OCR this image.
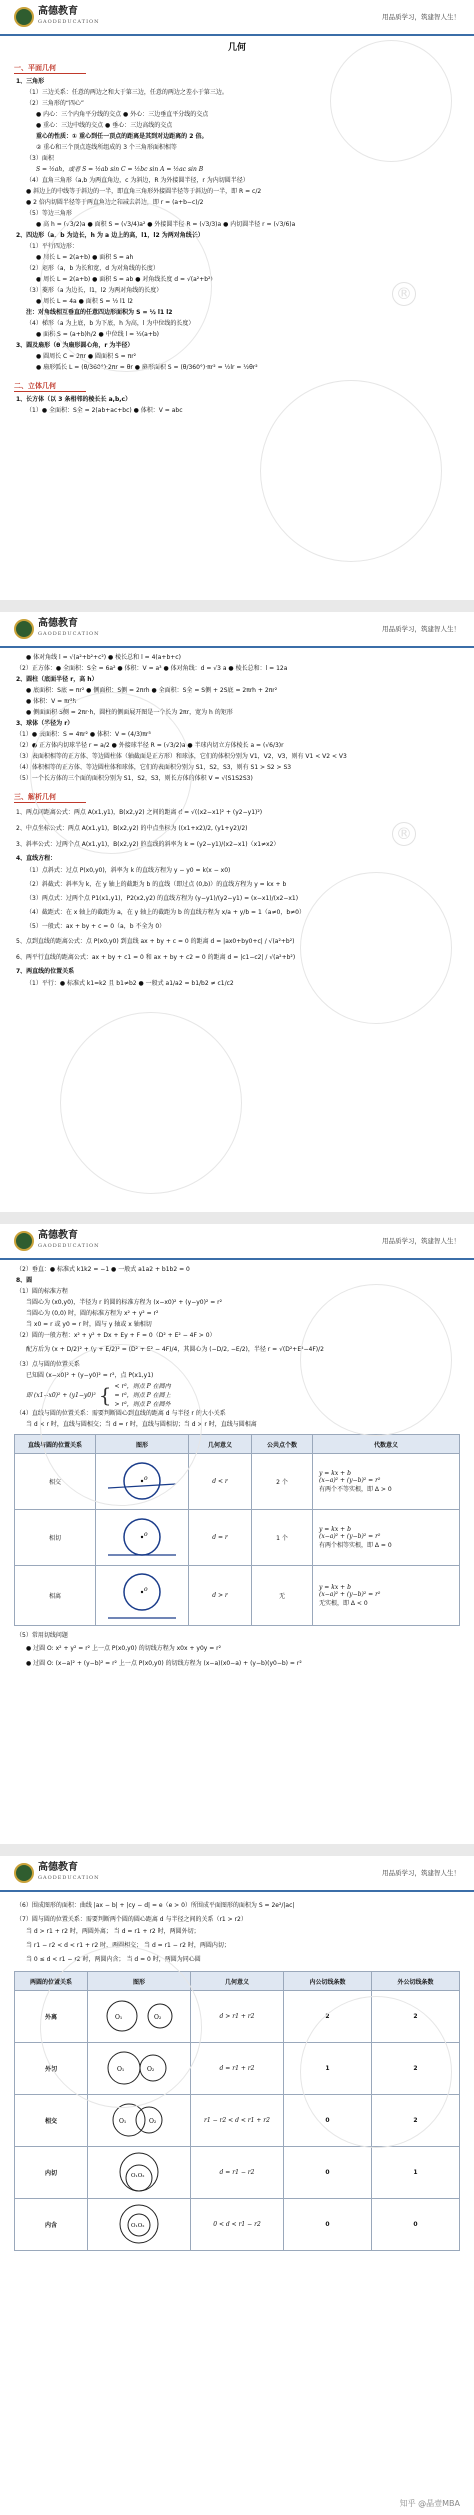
®
高德教育
GAODEDUCATION
用品质学习，筑建智人生！
几何
一、平面几何
1、三角形
（1）三边关系：任意的两边之和大于第三边，任意的两边之差小于第三边。
（2）三角形的“四心”
● 内心：三个内角平分线的交点 ● 外心：三边垂直平分线的交点
● 重心：三边中线的交点 ● 垂心：三边高线的交点
重心的性质：① 重心到任一顶点的距离是其到对边距离的 2 倍。
② 重心和三个顶点连线所组成的 3 个三角形面积相等
（3）面积
S = ½ah，或者 S = ½ab sin C = ½bc sin A = ½ac sin B
（4）直角三角形（a,b 为两直角边，c 为斜边，R 为外接圆半径，r 为内切圆半径）
● 斜边上的中线等于斜边的一半，即直角三角形外接圆半径等于斜边的一半，即 R = c/2
● 2 倍内切圆半径等于两直角边之和减去斜边，即 r = (a+b−c)/2
（5）等边三角形
● 高 h = (√3/2)a ● 面积 S = (√3/4)a² ● 外接圆半径 R = (√3/3)a ● 内切圆半径 r = (√3/6)a
2、四边形（a，b 为边长，h 为 a 边上的高，l1，l2 为两对角线长）
（1）平行四边形：
● 周长 L = 2(a+b) ● 面积 S = ah
（2）矩形（a，b 为长和宽，d 为对角线的长度）
● 周长 L = 2(a+b) ● 面积 S = ab ● 对角线长度 d = √(a²+b²)
（3）菱形（a 为边长，l1，l2 为两对角线的长度）
● 周长 L = 4a ● 面积 S = ½ l1 l2
注：对角线相互垂直的任意四边形面积为 S = ½ l1 l2
（4）梯形（a 为上底，b 为下底，h 为高，l 为中位线的长度）
● 面积 S = (a+b)h/2 ● 中位线 l = ½(a+b)
3、圆及扇形（θ 为扇形圆心角，r 为半径）
● 圆周长 C = 2πr ● 圆面积 S = πr²
● 扇形弧长 L = (θ/360°)·2πr = θr ● 扇形面积 S = (θ/360°)·πr² = ½lr = ½θr²
二、立体几何
1、长方体（以 3 条相邻的棱长长 a,b,c）
（1）● 全面积：S全 = 2(ab+ac+bc) ● 体积：V = abc
®
高德教育
GAODEDUCATION
用品质学习，筑建智人生！
● 体对角线 l = √(a²+b²+c²) ● 棱长总和 l = 4(a+b+c)
（2）正方体：● 全面积：S全 = 6a² ● 体积：V = a³ ● 体对角线：d = √3 a ● 棱长总和：l = 12a
2、圆柱（底面半径 r，高 h）
● 底面积：S底 = πr² ● 侧面积：S侧 = 2πrh ● 全面积：S全 = S侧 + 2S底 = 2πrh + 2πr²
● 体积：V = πr²h
● 侧面面积 S侧 = 2πr·h，圆柱的侧面展开图是一个长为 2πr，宽为 h 的矩形
3、球体（半径为 r）
（1）● 表面积：S = 4πr² ● 体积：V = (4/3)πr³
（2）● 正方体内切球半径 r = a/2 ● 外接球半径 R = (√3/2)a ● 半球内切立方体棱长 a = (√6/3)r
（3）表面积相等的正方体、等边圆柱体（轴截面是正方形）和球体，它们的体积分别为 V1，V2，V3，则有 V1 < V2 < V3
（4）体积相等的正方体、等边圆柱体和球体，它们的表面积分别为 S1，S2，S3，则有 S1 > S2 > S3
（5）一个长方体的三个面的面积分别为 S1，S2，S3，则长方体的体积 V = √(S1S2S3)
三、解析几何
1、两点间距离公式：两点 A(x1,y1)，B(x2,y2) 之间的距离 d = √((x2−x1)² + (y2−y1)²)
2、中点坐标公式：两点 A(x1,y1)，B(x2,y2) 的中点坐标为 ((x1+x2)/2, (y1+y2)/2)
3、斜率公式：过两个点 A(x1,y1)，B(x2,y2) 的直线的斜率为 k = (y2−y1)/(x2−x1)（x1≠x2）
4、直线方程：
（1）点斜式：过点 P(x0,y0)，斜率为 k 的直线方程为 y − y0 = k(x − x0)
（2）斜截式：斜率为 k，在 y 轴上的截距为 b 的直线（即过点 (0,b)）的直线方程为 y = kx + b
（3）两点式：过两个点 P1(x1,y1)，P2(x2,y2) 的直线方程为 (y−y1)/(y2−y1) = (x−x1)/(x2−x1)
（4）截距式：在 x 轴上的截距为 a，在 y 轴上的截距为 b 的直线方程为 x/a + y/b = 1（a≠0，b≠0）
（5）一般式：ax + by + c = 0（a，b 不全为 0）
5、点到直线的距离公式：点 P(x0,y0) 到直线 ax + by + c = 0 的距离 d = |ax0+by0+c| / √(a²+b²)
6、两平行直线的距离公式：ax + by + c1 = 0 和 ax + by + c2 = 0 的距离 d = |c1−c2| / √(a²+b²)
7、两直线的位置关系
（1）平行：● 标准式 k1=k2 且 b1≠b2 ● 一般式 a1/a2 = b1/b2 ≠ c1/c2
高德教育
GAODEDUCATION
用品质学习，筑建智人生！
（2）垂直：● 标准式 k1k2 = −1 ● 一般式 a1a2 + b1b2 = 0
8、圆
（1）圆的标准方程
当圆心为 (x0,y0)，半径为 r 的圆的标准方程为 (x−x0)² + (y−y0)² = r²
当圆心为 (0,0) 时，圆的标准方程为 x² + y² = r²
当 x0 = r 或 y0 = r 时，圆与 y 轴或 x 轴相切
（2）圆的一般方程：x² + y² + Dx + Ey + F = 0（D² + E² − 4F > 0）
配方后为 (x + D/2)² + (y + E/2)² = (D² + E² − 4F)/4，其圆心为 (−D/2, −E/2)，半径 r = √(D²+E²−4F)/2
（3）点与圆的位置关系
已知圆 (x−x0)² + (y−y0)² = r²，点 P(x1,y1)
即 (x1−x0)² + (y1−y0)² { < r²，则点 P 在圆内
= r²，则点 P 在圆上
> r²，则点 P 在圆外
（4）直线与圆的位置关系：需要判断圆心到直线的距离 d 与半径 r 的大小关系
当 d < r 时，直线与圆相交；当 d = r 时，直线与圆相切；当 d > r 时，直线与圆相离
直线与圆的位置关系	图形	几何意义	公共点个数	代数意义
相交	o	d < r	2 个	y = kx + b
(x−a)² + (y−b)² = r²
有两个不等实根，即 Δ > 0

相切	o	d = r	1 个	y = kx + b
(x−a)² + (y−b)² = r²
有两个相等实根，即 Δ = 0

相离	o	d > r	无	y = kx + b
(x−a)² + (y−b)² = r²
无实根，即 Δ < 0
（5）常用切线问题
● 过圆 O: x² + y² = r² 上一点 P(x0,y0) 的切线方程为 x0x + y0y = r²
● 过圆 O: (x−a)² + (y−b)² = r² 上一点 P(x0,y0) 的切线方程为 (x−a)(x0−a) + (y−b)(y0−b) = r²
高德教育
GAODEDUCATION
用品质学习，筑建智人生！
（6）围成图形的面积：曲线 |ax − b| + |cy − d| = e（e > 0）所围成平面图形的面积为 S = 2e²/|ac|
（7）圆与圆的位置关系：需要判断两个圆的圆心距离 d 与半径之间的关系（r1 > r2）
当 d > r1 + r2 时，两圆外离； 当 d = r1 + r2 时，两圆外切；
当 r1 − r2 < d < r1 + r2 时，两圆相交； 当 d = r1 − r2 时，两圆内切；
当 0 ≤ d < r1 − r2 时，两圆内含； 当 d = 0 时，两圆为同心圆
两圆的位置关系	图形	几何意义	内公切线条数	外公切线条数
外离	O₁ O₂	d > r1 + r2	2	2
外切	O₁ O₂	d = r1 + r2	1	2
相交	O₁ O₂	r1 − r2 < d < r1 + r2	0	2
内切	O₁O₂	d = r1 − r2	0	1
内含	O₁O₂	0 < d < r1 − r2	0	0
知乎 @晶壹MBA
